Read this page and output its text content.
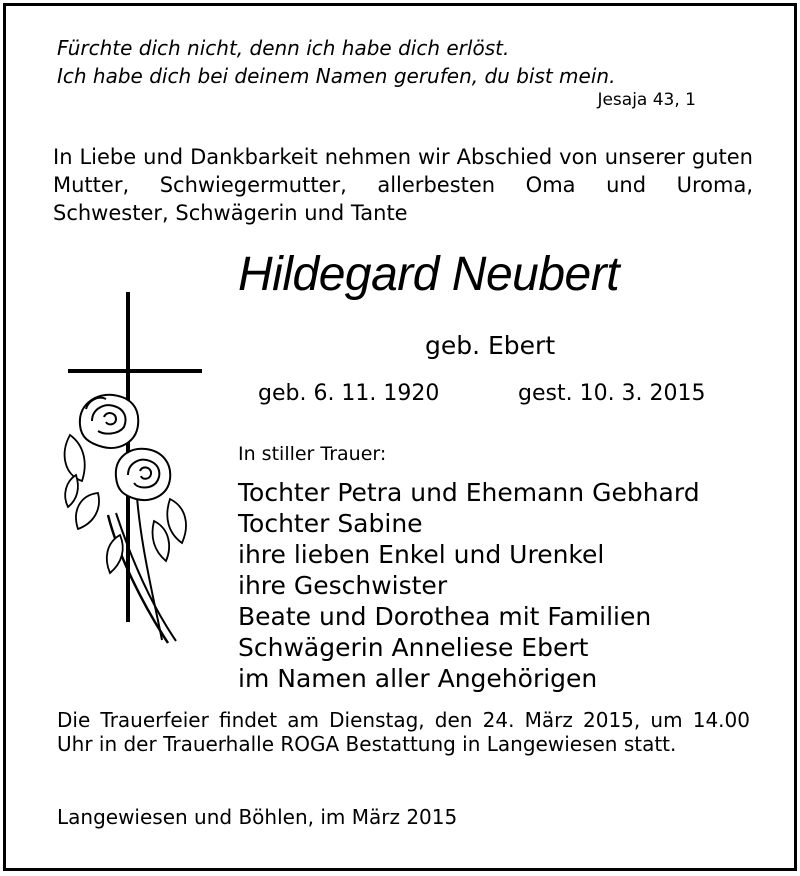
Fürchte dich nicht, denn ich habe dich erlöst.
Ich habe dich bei deinem Namen gerufen, du bist mein.
Jesaja 43, 1
In Liebe und Dankbarkeit nehmen wir Abschied von unserer guten Mutter, Schwiegermutter, allerbesten Oma und Uroma, Schwester, Schwägerin und Tante
Hildegard Neubert
geb. Ebert
geb. 6. 11. 1920	gest. 10. 3. 2015
In stiller Trauer:
Tochter Petra und Ehemann Gebhard
Tochter Sabine
ihre lieben Enkel und Urenkel
ihre Geschwister
Beate und Dorothea mit Familien
Schwägerin Anneliese Ebert
im Namen aller Angehörigen
Die Trauerfeier findet am Dienstag, den 24. März 2015, um 14.00 Uhr in der Trauerhalle ROGA Bestattung in Langewiesen statt.
Langewiesen und Böhlen, im März 2015
